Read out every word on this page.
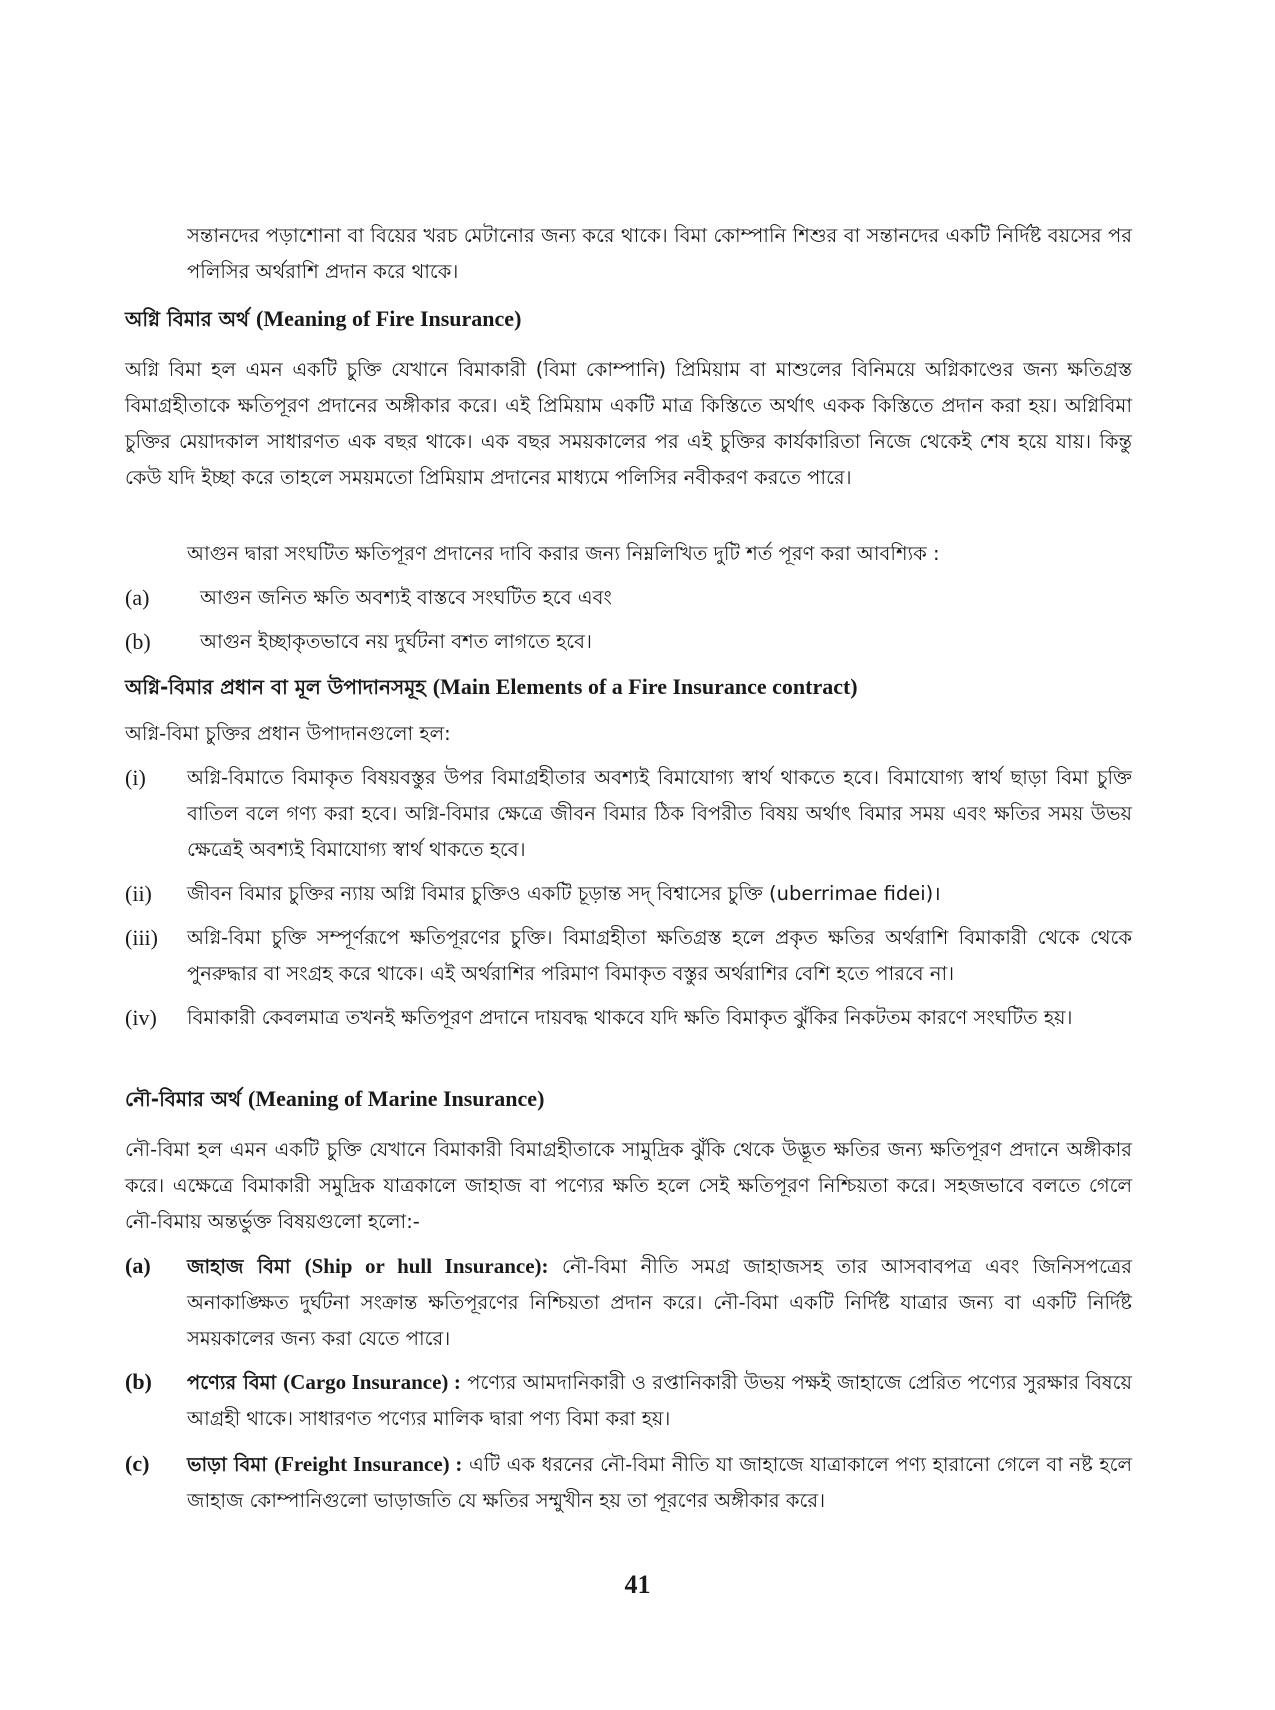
সন্তানদের পড়াশোনা বা বিয়ের খরচ মেটানোর জন্য করে থাকে। বিমা কোম্পানি শিশুর বা সন্তানদের একটি নির্দিষ্ট বয়সের পর পলিসির অর্থরাশি প্রদান করে থাকে।

অগ্নি বিমার অর্থ (Meaning of Fire Insurance)

অগ্নি বিমা হল এমন একটি চুক্তি যেখানে বিমাকারী (বিমা কোম্পানি) প্রিমিয়াম বা মাশুলের বিনিময়ে অগ্নিকাণ্ডের জন্য ক্ষতিগ্রস্ত বিমাগ্রহীতাকে ক্ষতিপূরণ প্রদানের অঙ্গীকার করে। এই প্রিমিয়াম একটি মাত্র কিস্তিতে অর্থাৎ একক কিস্তিতে প্রদান করা হয়। অগ্নিবিমা চুক্তির মেয়াদকাল সাধারণত এক বছর থাকে। এক বছর সময়কালের পর এই চুক্তির কার্যকারিতা নিজে থেকেই শেষ হয়ে যায়। কিন্তু কেউ যদি ইচ্ছা করে তাহলে সময়মতো প্রিমিয়াম প্রদানের মাধ্যমে পলিসির নবীকরণ করতে পারে।

আগুন দ্বারা সংঘটিত ক্ষতিপূরণ প্রদানের দাবি করার জন্য নিম্নলিখিত দুটি শর্ত পূরণ করা আবশ্যিক :

(a)	আগুন জনিত ক্ষতি অবশ্যই বাস্তবে সংঘটিত হবে এবং

(b)	আগুন ইচ্ছাকৃতভাবে নয় দুর্ঘটনা বশত লাগতে হবে।

অগ্নি-বিমার প্রধান বা মূল উপাদানসমূহ (Main Elements of a Fire Insurance contract)

অগ্নি-বিমা চুক্তির প্রধান উপাদানগুলো হল:

(i)	অগ্নি-বিমাতে বিমাকৃত বিষয়বস্তুর উপর বিমাগ্রহীতার অবশ্যই বিমাযোগ্য স্বার্থ থাকতে হবে। বিমাযোগ্য স্বার্থ ছাড়া বিমা চুক্তি বাতিল বলে গণ্য করা হবে। অগ্নি-বিমার ক্ষেত্রে জীবন বিমার ঠিক বিপরীত বিষয় অর্থাৎ বিমার সময় এবং ক্ষতির সময় উভয় ক্ষেত্রেই অবশ্যই বিমাযোগ্য স্বার্থ থাকতে হবে।

(ii)	জীবন বিমার চুক্তির ন্যায় অগ্নি বিমার চুক্তিও একটি চূড়ান্ত সদ্ বিশ্বাসের চুক্তি (uberrimae fidei)।

(iii)	অগ্নি-বিমা চুক্তি সম্পূর্ণরূপে ক্ষতিপূরণের চুক্তি। বিমাগ্রহীতা ক্ষতিগ্রস্ত হলে প্রকৃত ক্ষতির অর্থরাশি বিমাকারী থেকে থেকে পুনরুদ্ধার বা সংগ্রহ করে থাকে। এই অর্থরাশির পরিমাণ বিমাকৃত বস্তুর অর্থরাশির বেশি হতে পারবে না।

(iv)	বিমাকারী কেবলমাত্র তখনই ক্ষতিপূরণ প্রদানে দায়বদ্ধ থাকবে যদি ক্ষতি বিমাকৃত ঝুঁকির নিকটতম কারণে সংঘটিত হয়।

নৌ-বিমার অর্থ (Meaning of Marine Insurance)

নৌ-বিমা হল এমন একটি চুক্তি যেখানে বিমাকারী বিমাগ্রহীতাকে সামুদ্রিক ঝুঁকি থেকে উদ্ভূত ক্ষতির জন্য ক্ষতিপূরণ প্রদানে অঙ্গীকার করে। এক্ষেত্রে বিমাকারী সমুদ্রিক যাত্রকালে জাহাজ বা পণ্যের ক্ষতি হলে সেই ক্ষতিপূরণ নিশ্চিয়তা করে। সহজভাবে বলতে গেলে নৌ-বিমায় অন্তর্ভুক্ত বিষয়গুলো হলো:-

(a)	জাহাজ বিমা (Ship or hull Insurance): নৌ-বিমা নীতি সমগ্র জাহাজসহ তার আসবাবপত্র এবং জিনিসপত্রের অনাকাঙ্ক্ষিত দুর্ঘটনা সংক্রান্ত ক্ষতিপূরণের নিশ্চিয়তা প্রদান করে। নৌ-বিমা একটি নির্দিষ্ট যাত্রার জন্য বা একটি নির্দিষ্ট সময়কালের জন্য করা যেতে পারে।

(b)	পণ্যের বিমা (Cargo Insurance) : পণ্যের আমদানিকারী ও রপ্তানিকারী উভয় পক্ষই জাহাজে প্রেরিত পণ্যের সুরক্ষার বিষয়ে আগ্রহী থাকে। সাধারণত পণ্যের মালিক দ্বারা পণ্য বিমা করা হয়।

(c)	ভাড়া বিমা (Freight Insurance) : এটি এক ধরনের নৌ-বিমা নীতি যা জাহাজে যাত্রাকালে পণ্য হারানো গেলে বা নষ্ট হলে জাহাজ কোম্পানিগুলো ভাড়াজতি যে ক্ষতির সম্মুখীন হয় তা পূরণের অঙ্গীকার করে।

41
